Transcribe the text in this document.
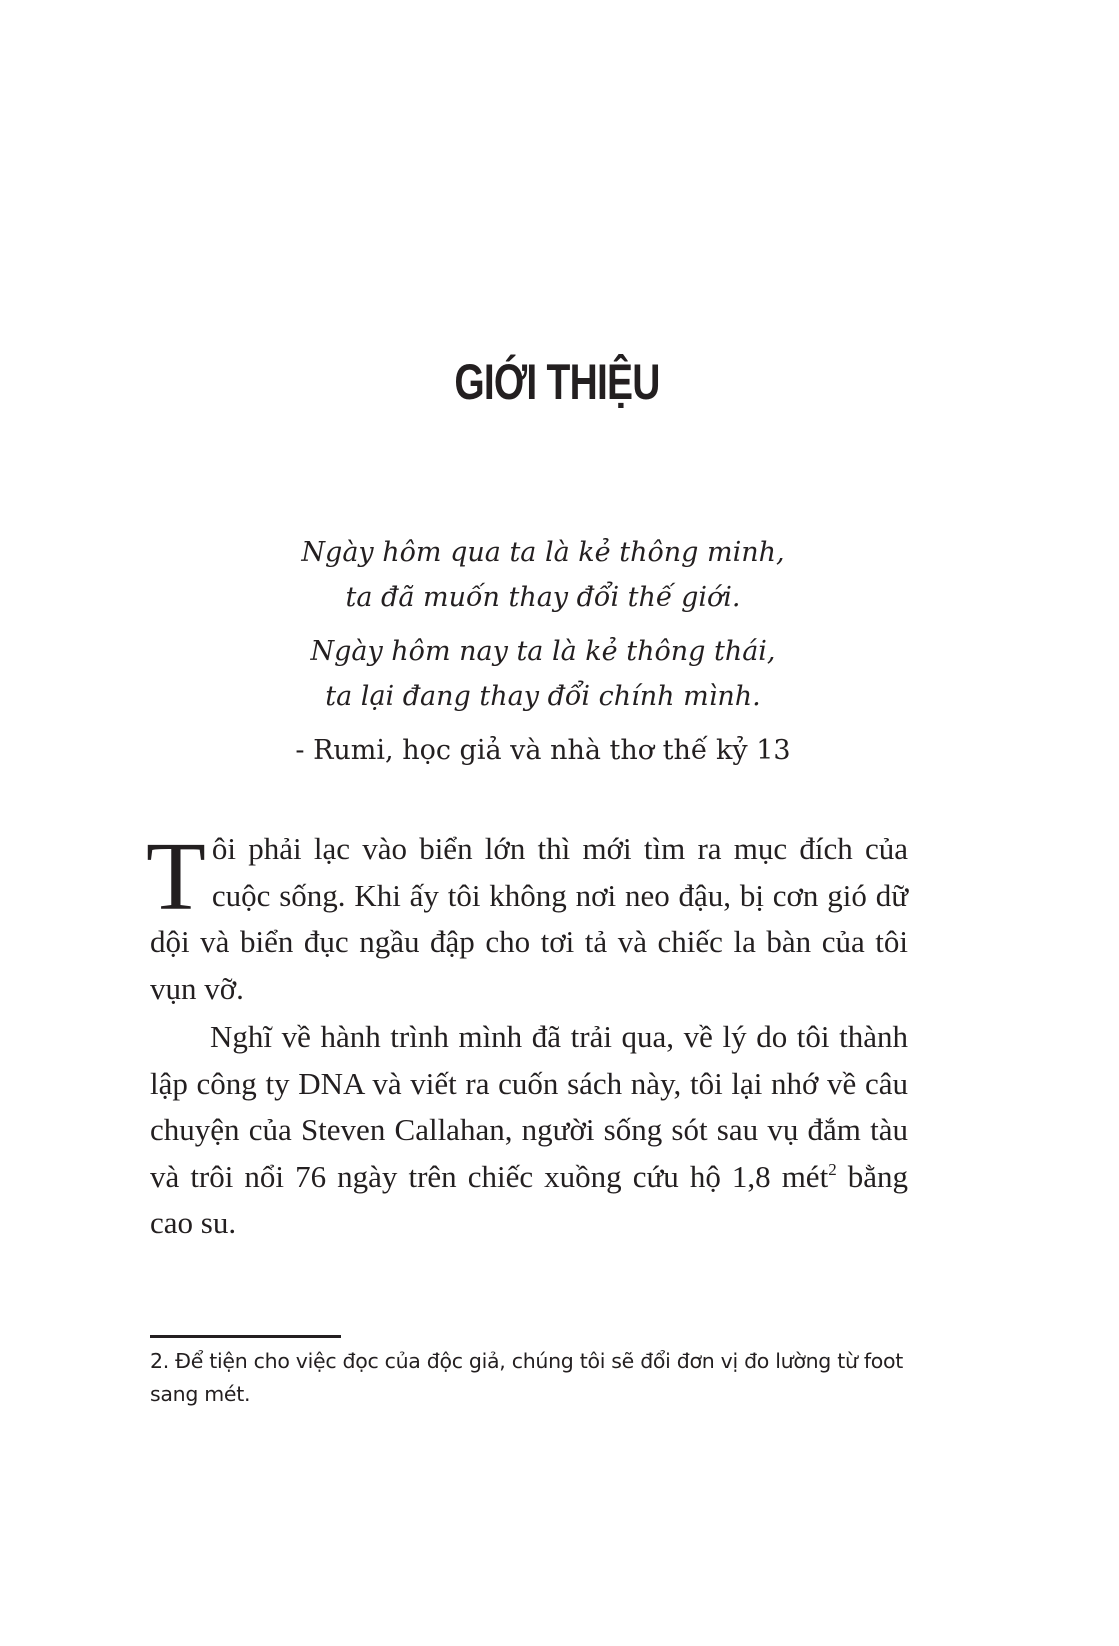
GIỚI THIỆU

Ngày hôm qua ta là kẻ thông minh,

ta đã muốn thay đổi thế giới.

Ngày hôm nay ta là kẻ thông thái,

ta lại đang thay đổi chính mình.

- Rumi, học giả và nhà thơ thế kỷ 13

Tôi phải lạc vào biển lớn thì mới tìm ra mục đích của cuộc sống. Khi ấy tôi không nơi neo đậu, bị cơn gió dữ dội và biển đục ngầu đập cho tơi tả và chiếc la bàn của tôi vụn vỡ.

Nghĩ về hành trình mình đã trải qua, về lý do tôi thành lập công ty DNA và viết ra cuốn sách này, tôi lại nhớ về câu chuyện của Steven Callahan, người sống sót sau vụ đắm tàu và trôi nổi 76 ngày trên chiếc xuồng cứu hộ 1,8 mét$^2$ bằng cao su.

2. Để tiện cho việc đọc của độc giả, chúng tôi sẽ đổi đơn vị đo lường từ foot sang mét.
